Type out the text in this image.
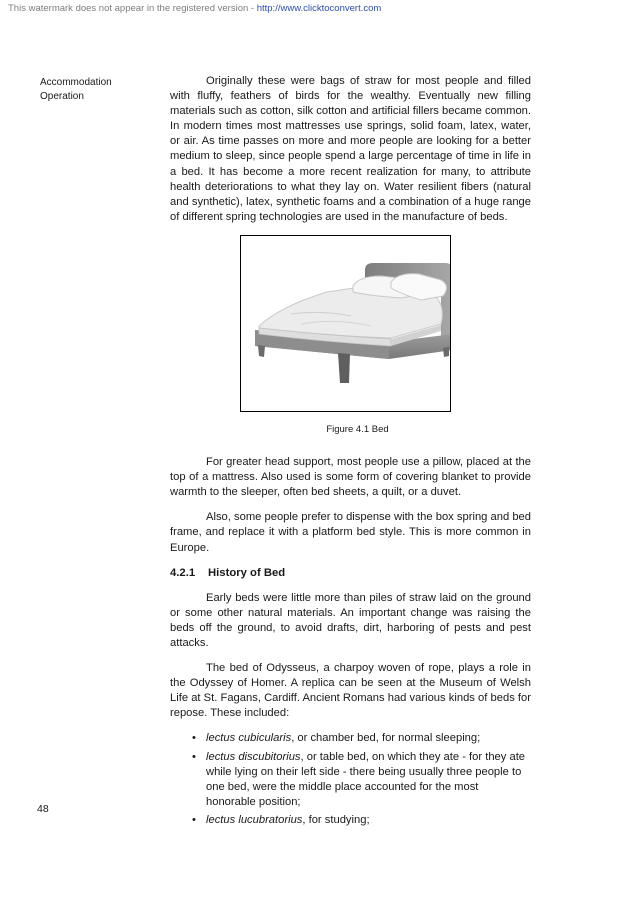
This watermark does not appear in the registered version - http://www.clicktoconvert.com
Accommodation
Operation
48

Originally these were bags of straw for most people and filled with fluffy, feathers of birds for the wealthy. Eventually new filling materials such as cotton, silk cotton and artificial fillers became common. In modern times most mattresses use springs, solid foam, latex, water, or air. As time passes on more and more people are looking for a better medium to sleep, since people spend a large percentage of time in life in a bed. It has become a more recent realization for many, to attribute health deteriorations to what they lay on. Water resilient fibers (natural and synthetic), latex, synthetic foams and a combination of a huge range of different spring technologies are used in the manufacture of beds.

Figure 4.1 Bed

For greater head support, most people use a pillow, placed at the top of a mattress. Also used is some form of covering blanket to provide warmth to the sleeper, often bed sheets, a quilt, or a duvet.

Also, some people prefer to dispense with the box spring and bed frame, and replace it with a platform bed style. This is more common in Europe.

4.2.1 History of Bed

Early beds were little more than piles of straw laid on the ground or some other natural materials. An important change was raising the beds off the ground, to avoid drafts, dirt, harboring of pests and pest attacks.

The bed of Odysseus, a charpoy woven of rope, plays a role in the Odyssey of Homer. A replica can be seen at the Museum of Welsh Life at St. Fagans, Cardiff. Ancient Romans had various kinds of beds for repose. These included:

• lectus cubicularis, or chamber bed, for normal sleeping;
• lectus discubitorius, or table bed, on which they ate - for they ate while lying on their left side - there being usually three people to one bed, were the middle place accounted for the most honorable position;
• lectus lucubratorius, for studying;
